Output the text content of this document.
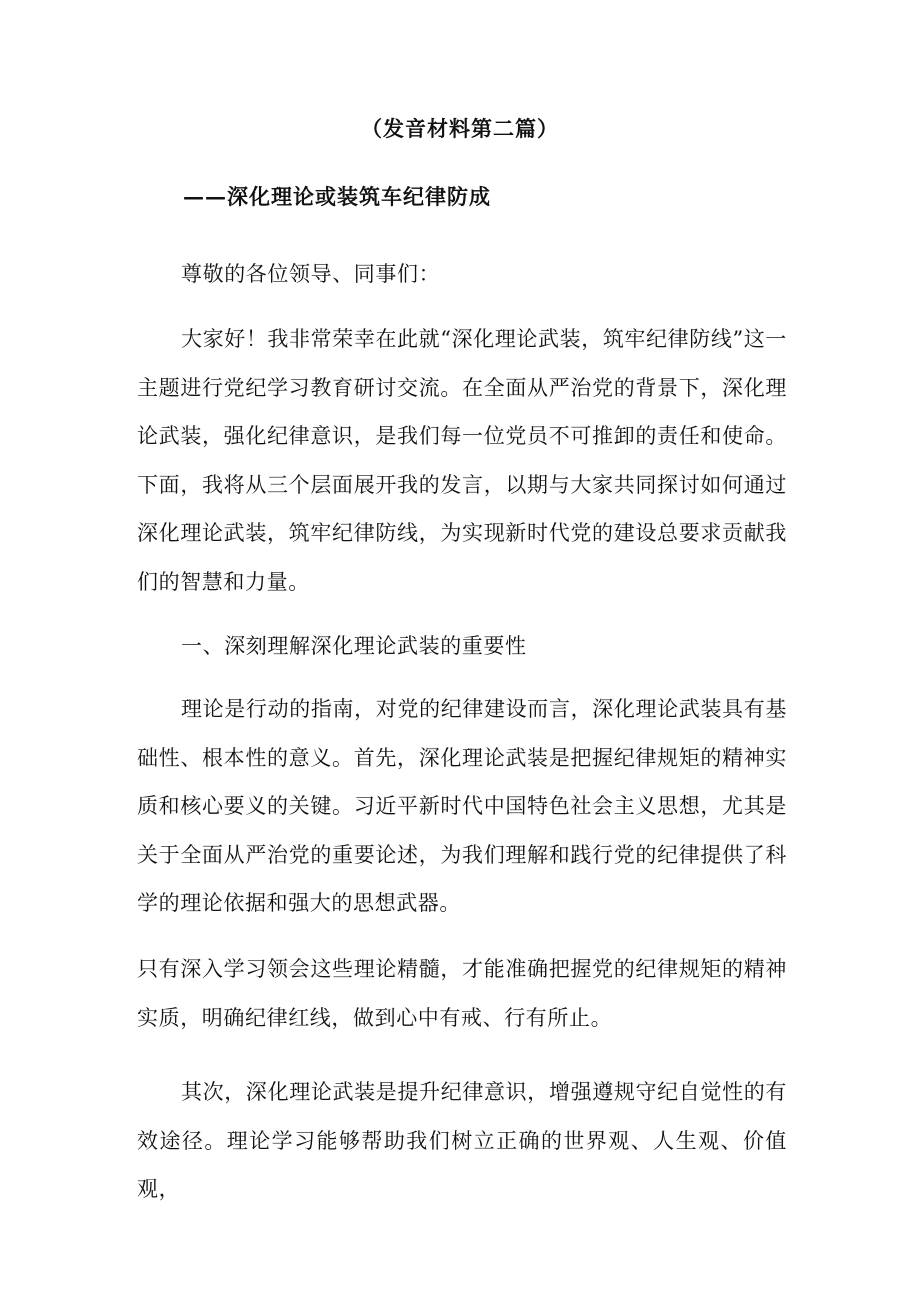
（发音材料第二篇）
——深化理论或装筑车纪律防成

尊敬的各位领导、同事们：

大家好！我非常荣幸在此就“深化理论武装，筑牢纪律防线”这一主题进行党纪学习教育研讨交流。在全面从严治党的背景下，深化理论武装，强化纪律意识，是我们每一位党员不可推卸的责任和使命。下面，我将从三个层面展开我的发言，以期与大家共同探讨如何通过深化理论武装，筑牢纪律防线，为实现新时代党的建设总要求贡献我们的智慧和力量。

一、深刻理解深化理论武装的重要性

理论是行动的指南，对党的纪律建设而言，深化理论武装具有基础性、根本性的意义。首先，深化理论武装是把握纪律规矩的精神实质和核心要义的关键。习近平新时代中国特色社会主义思想，尤其是关于全面从严治党的重要论述，为我们理解和践行党的纪律提供了科学的理论依据和强大的思想武器。

只有深入学习领会这些理论精髓，才能准确把握党的纪律规矩的精神实质，明确纪律红线，做到心中有戒、行有所止。

其次，深化理论武装是提升纪律意识，增强遵规守纪自觉性的有效途径。理论学习能够帮助我们树立正确的世界观、人生观、价值观，
